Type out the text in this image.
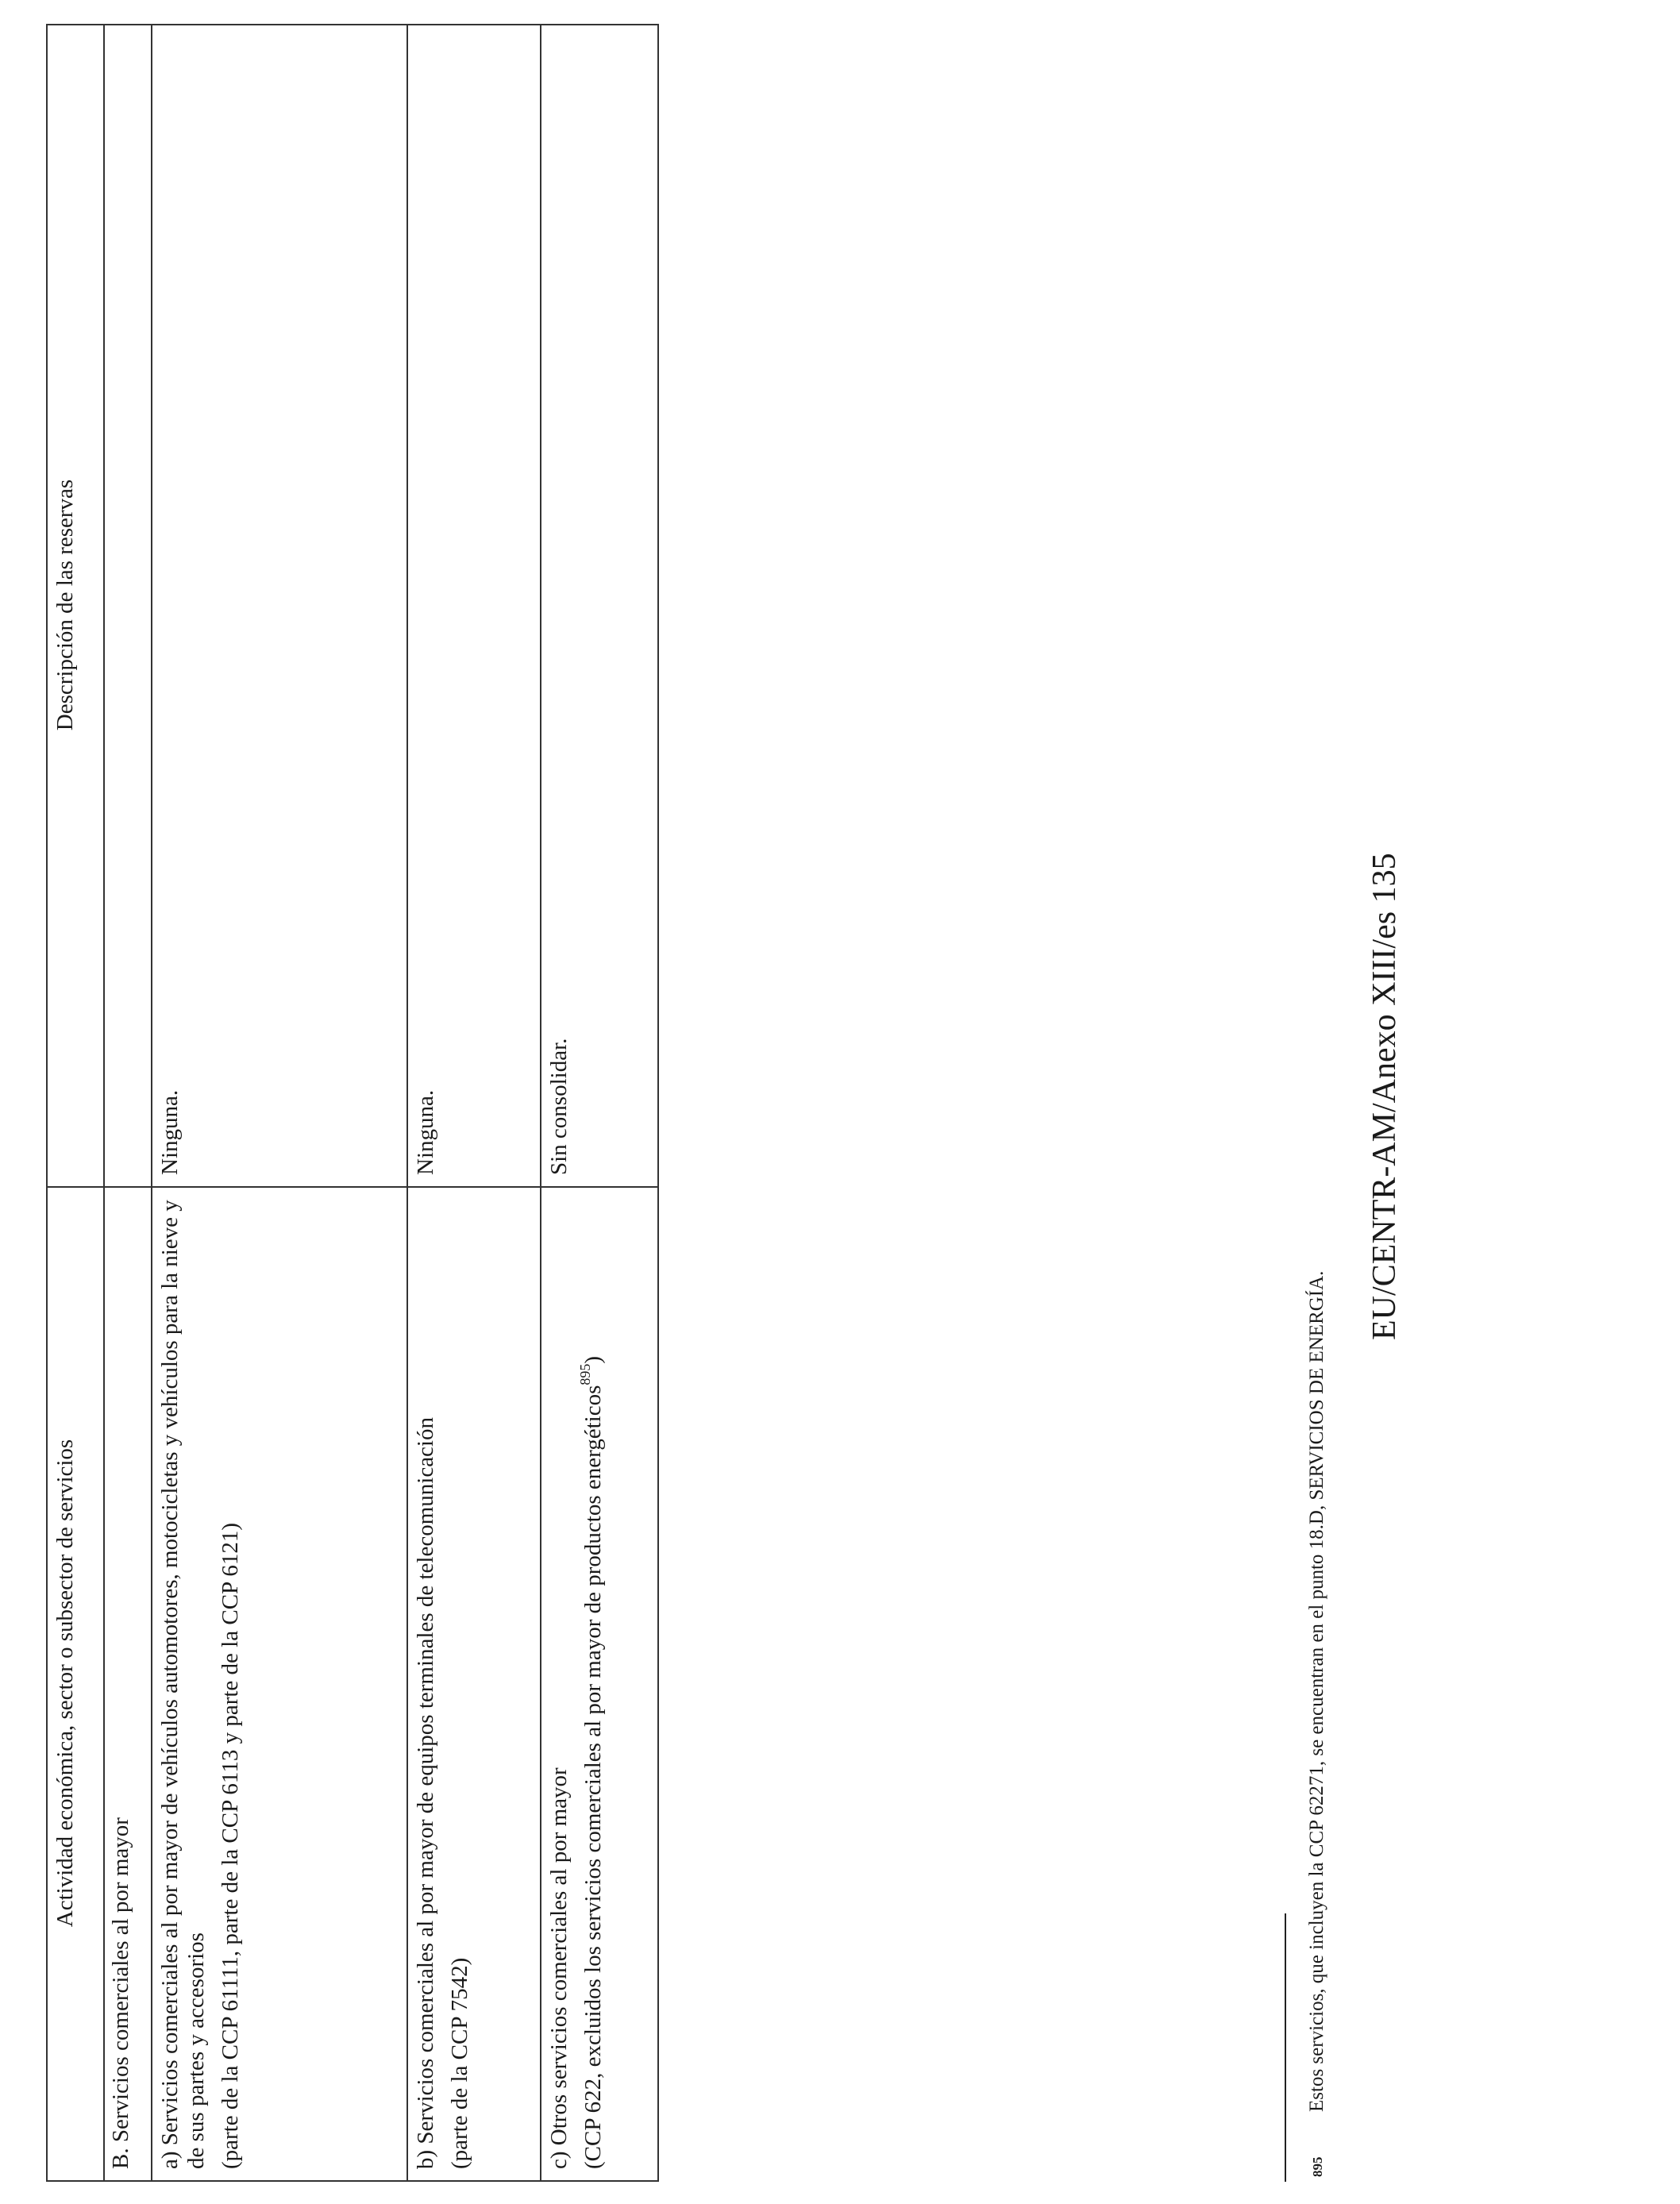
Actividad económica, sector o subsector de servicios	Descripción de las reservas
B. Servicios comerciales al por mayor	

a) Servicios comerciales al por mayor de vehículos automotores, motocicletas y vehículos para la nieve y de sus partes y accesorios (parte de la CCP 61111, parte de la CCP 6113 y parte de la CCP 6121)	Ninguna.

b) Servicios comerciales al por mayor de equipos terminales de telecomunicación (parte de la CCP 7542)	Ninguna.

c) Otros servicios comerciales al por mayor (CCP 622, excluidos los servicios comerciales al por mayor de productos energéticos$^{895}$)	Sin consolidar.
895
Estos servicios, que incluyen la CCP 62271, se encuentran en el punto 18.D, SERVICIOS DE ENERGÍA.
EU/CENTR-AM/Anexo XIII/es 135
